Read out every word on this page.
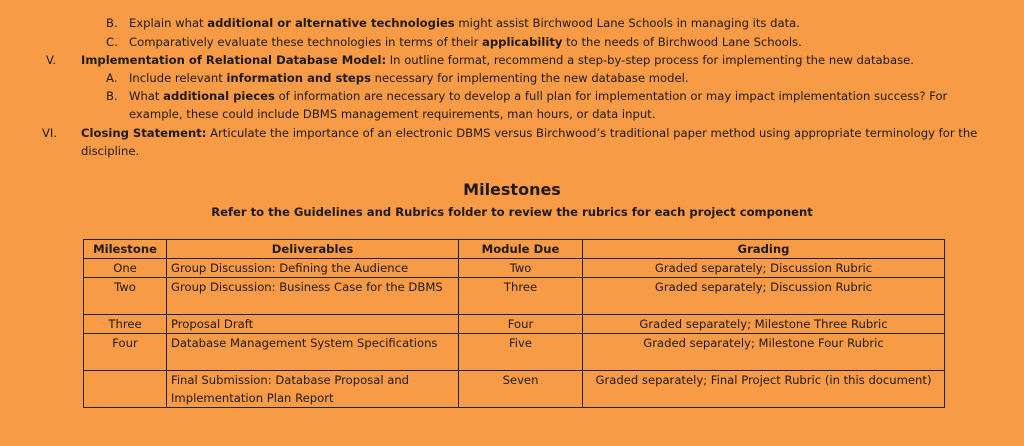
B. Explain what additional or alternative technologies might assist Birchwood Lane Schools in managing its data.
C. Comparatively evaluate these technologies in terms of their applicability to the needs of Birchwood Lane Schools.
V. Implementation of Relational Database Model: In outline format, recommend a step-by-step process for implementing the new database.
A. Include relevant information and steps necessary for implementing the new database model.
B. What additional pieces of information are necessary to develop a full plan for implementation or may impact implementation success? For
example, these could include DBMS management requirements, man hours, or data input.
VI. Closing Statement: Articulate the importance of an electronic DBMS versus Birchwood’s traditional paper method using appropriate terminology for the
discipline.
Milestones
Refer to the Guidelines and Rubrics folder to review the rubrics for each project component
Milestone	Deliverables	Module Due	Grading
One	Group Discussion: Defining the Audience	Two	Graded separately; Discussion Rubric
Two	Group Discussion: Business Case for the DBMS	Three	Graded separately; Discussion Rubric
Three	Proposal Draft	Four	Graded separately; Milestone Three Rubric
Four	Database Management System Specifications	Five	Graded separately; Milestone Four Rubric
	Final Submission: Database Proposal and Implementation Plan Report	Seven	Graded separately; Final Project Rubric (in this document)
